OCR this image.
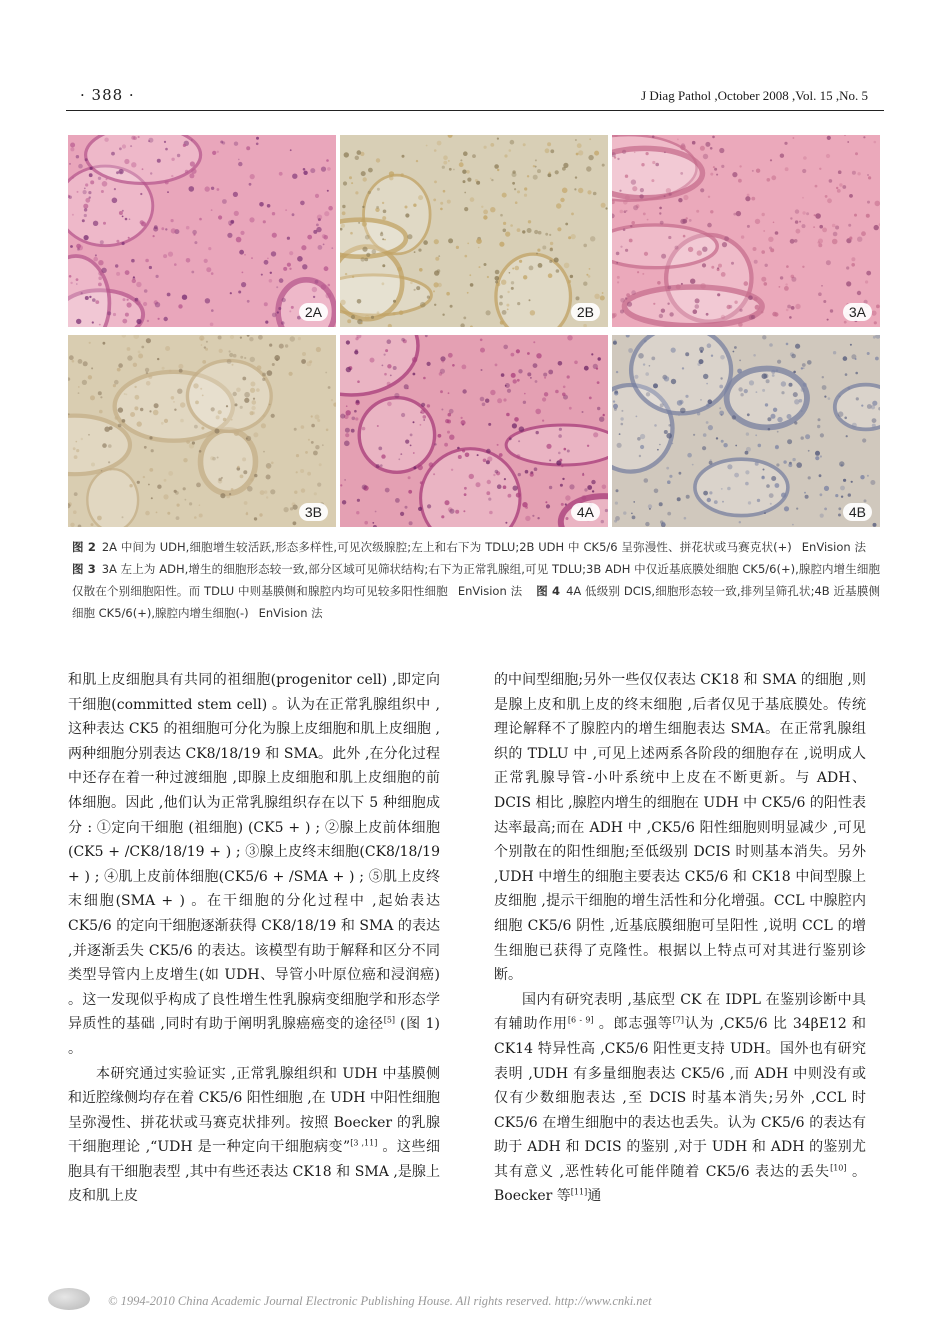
· 388 ·	J Diag Pathol ,October 2008 ,Vol. 15 ,No. 5
2A	2B	3A
3B	4A	4B
图 2 2A 中间为 UDH,细胞增生较活跃,形态多样性,可见次级腺腔;左上和右下为 TDLU;2B UDH 中 CK5/6 呈弥漫性、拼花状或马赛克状(+) EnVision 法图 3 3A 左上为 ADH,增生的细胞形态较一致,部分区域可见筛状结构;右下为正常乳腺组,可见 TDLU;3B ADH 中仅近基底膜处细胞 CK5/6(+),腺腔内增生细胞仅散在个别细胞阳性。而 TDLU 中则基膜侧和腺腔内均可见较多阳性细胞 EnVision 法 图 4 4A 低级别 DCIS,细胞形态较一致,排列呈筛孔状;4B 近基膜侧细胞 CK5/6(+),腺腔内增生细胞(-) EnVision 法

和肌上皮细胞具有共同的祖细胞(progenitor cell) ,即定向干细胞(committed stem cell) 。认为在正常乳腺组织中 ,这种表达 CK5 的祖细胞可分化为腺上皮细胞和肌上皮细胞 ,两种细胞分别表达 CK8/18/19 和 SMA。此外 ,在分化过程中还存在着一种过渡细胞 ,即腺上皮细胞和肌上皮细胞的前体细胞。因此 ,他们认为正常乳腺组织存在以下 5 种细胞成分 : ①定向干细胞 (祖细胞) (CK5 + ) ; ②腺上皮前体细胞 (CK5 + /CK8/18/19 + ) ; ③腺上皮终末细胞(CK8/18/19 + ) ; ④肌上皮前体细胞(CK5/6 + /SMA + ) ; ⑤肌上皮终末细胞(SMA + ) 。在干细胞的分化过程中 ,起始表达 CK5/6 的定向干细胞逐渐获得 CK8/18/19 和 SMA 的表达 ,并逐渐丢失 CK5/6 的表达。该模型有助于解释和区分不同类型导管内上皮增生(如 UDH、导管小叶原位癌和浸润癌) 。这一发现似乎构成了良性增生性乳腺病变细胞学和形态学异质性的基础 ,同时有助于阐明乳腺癌癌变的途径[5] (图 1) 。

本研究通过实验证实 ,正常乳腺组织和 UDH 中基膜侧和近腔缘侧均存在着 CK5/6 阳性细胞 ,在 UDH 中阳性细胞呈弥漫性、拼花状或马赛克状排列。按照 Boecker 的乳腺干细胞理论 ,“UDH 是一种定向干细胞病变”[3 ,11] 。这些细胞具有干细胞表型 ,其中有些还表达 CK18 和 SMA ,是腺上皮和肌上皮

的中间型细胞;另外一些仅仅表达 CK18 和 SMA 的细胞 ,则是腺上皮和肌上皮的终末细胞 ,后者仅见于基底膜处。传统理论解释不了腺腔内的增生细胞表达 SMA。在正常乳腺组织的 TDLU 中 ,可见上述两系各阶段的细胞存在 ,说明成人正常乳腺导管-小叶系统中上皮在不断更新。与 ADH、DCIS 相比 ,腺腔内增生的细胞在 UDH 中 CK5/6 的阳性表达率最高;而在 ADH 中 ,CK5/6 阳性细胞则明显减少 ,可见个别散在的阳性细胞;至低级别 DCIS 时则基本消失。另外 ,UDH 中增生的细胞主要表达 CK5/6 和 CK18 中间型腺上皮细胞 ,提示干细胞的增生活性和分化增强。CCL 中腺腔内细胞 CK5/6 阴性 ,近基底膜细胞可呈阳性 ,说明 CCL 的增生细胞已获得了克隆性。根据以上特点可对其进行鉴别诊断。

国内有研究表明 ,基底型 CK 在 IDPL 在鉴别诊断中具有辅助作用[6 - 9] 。郎志强等[7]认为 ,CK5/6 比 34βE12 和 CK14 特异性高 ,CK5/6 阳性更支持 UDH。国外也有研究表明 ,UDH 有多量细胞表达 CK5/6 ,而 ADH 中则没有或仅有少数细胞表达 ,至 DCIS 时基本消失;另外 ,CCL 时 CK5/6 在增生细胞中的表达也丢失。认为 CK5/6 的表达有助于 ADH 和 DCIS 的鉴别 ,对于 UDH 和 ADH 的鉴别尤其有意义 ,恶性转化可能伴随着 CK5/6 表达的丢失[10] 。Boecker 等[11]通

© 1994-2010 China Academic Journal Electronic Publishing House. All rights reserved. http://www.cnki.net
